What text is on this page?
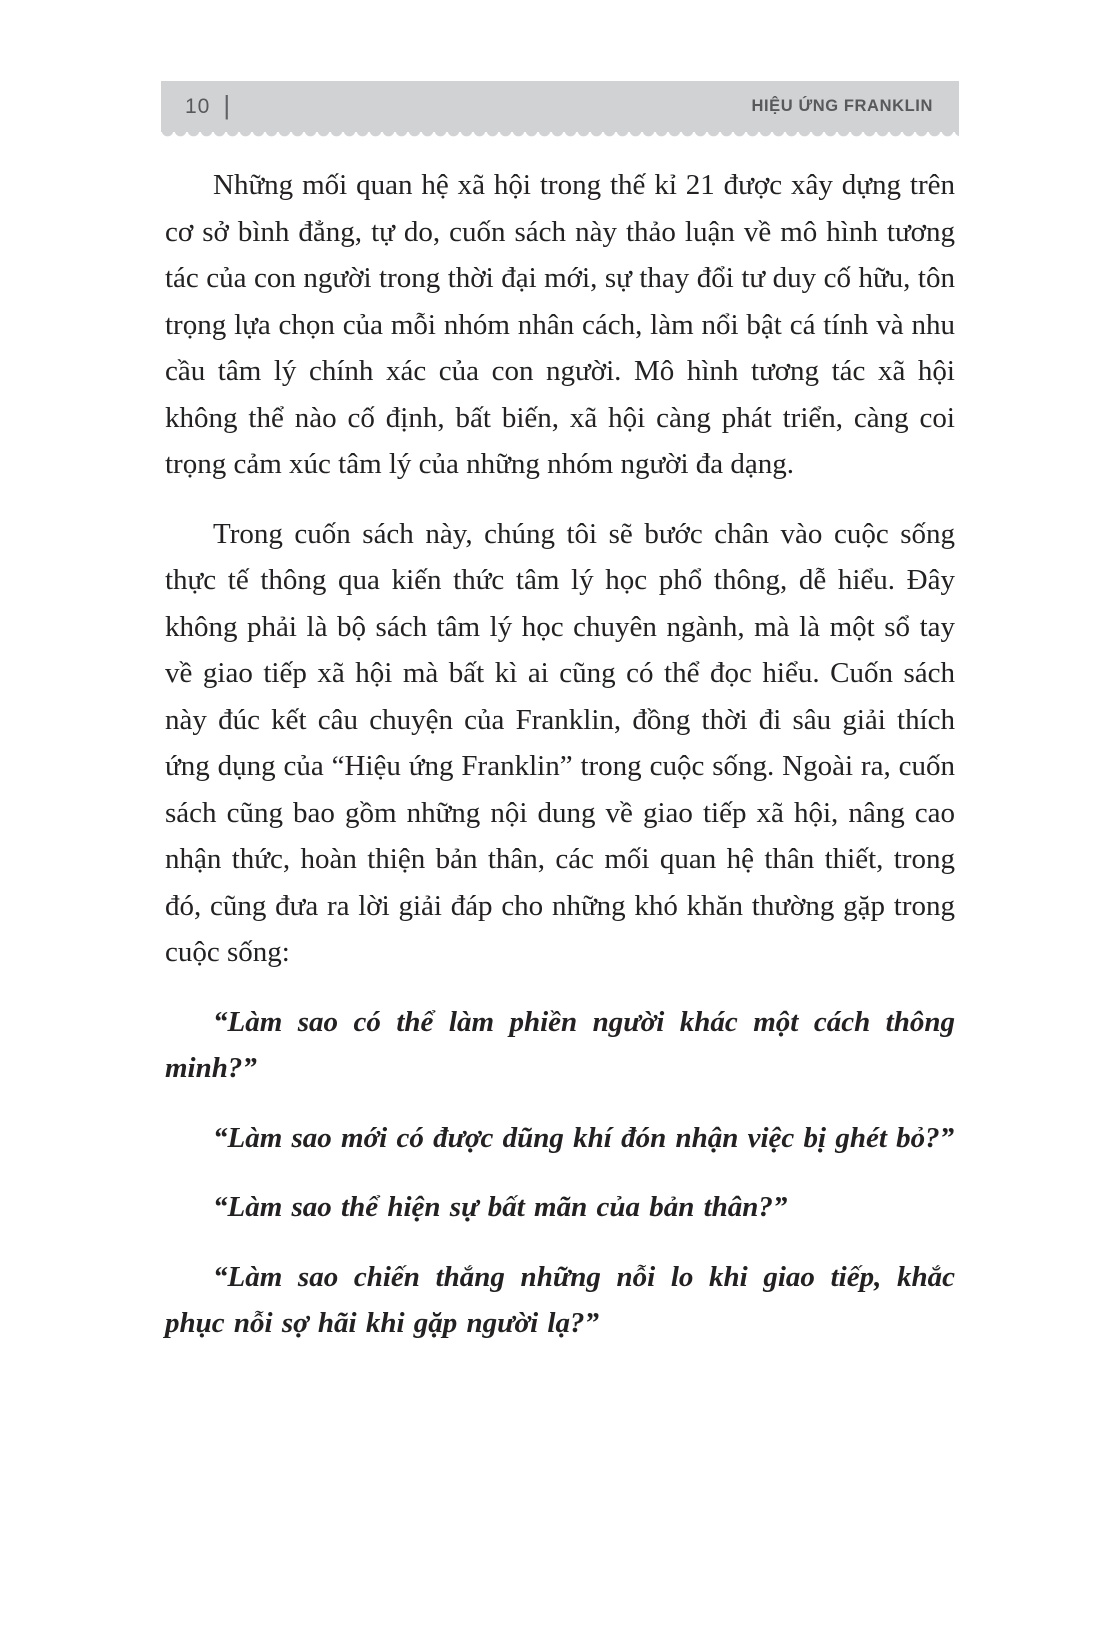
10 |	HIỆU ỨNG FRANKLIN

Những mối quan hệ xã hội trong thế kỉ 21 được xây dựng trên cơ sở bình đẳng, tự do, cuốn sách này thảo luận về mô hình tương tác của con người trong thời đại mới, sự thay đổi tư duy cố hữu, tôn trọng lựa chọn của mỗi nhóm nhân cách, làm nổi bật cá tính và nhu cầu tâm lý chính xác của con người. Mô hình tương tác xã hội không thể nào cố định, bất biến, xã hội càng phát triển, càng coi trọng cảm xúc tâm lý của những nhóm người đa dạng.

Trong cuốn sách này, chúng tôi sẽ bước chân vào cuộc sống thực tế thông qua kiến thức tâm lý học phổ thông, dễ hiểu. Đây không phải là bộ sách tâm lý học chuyên ngành, mà là một sổ tay về giao tiếp xã hội mà bất kì ai cũng có thể đọc hiểu. Cuốn sách này đúc kết câu chuyện của Franklin, đồng thời đi sâu giải thích ứng dụng của “Hiệu ứng Franklin” trong cuộc sống. Ngoài ra, cuốn sách cũng bao gồm những nội dung về giao tiếp xã hội, nâng cao nhận thức, hoàn thiện bản thân, các mối quan hệ thân thiết, trong đó, cũng đưa ra lời giải đáp cho những khó khăn thường gặp trong cuộc sống:

“Làm sao có thể làm phiền người khác một cách thông minh?”

“Làm sao mới có được dũng khí đón nhận việc bị ghét bỏ?”

“Làm sao thể hiện sự bất mãn của bản thân?”

“Làm sao chiến thắng những nỗi lo khi giao tiếp, khắc phục nỗi sợ hãi khi gặp người lạ?”
